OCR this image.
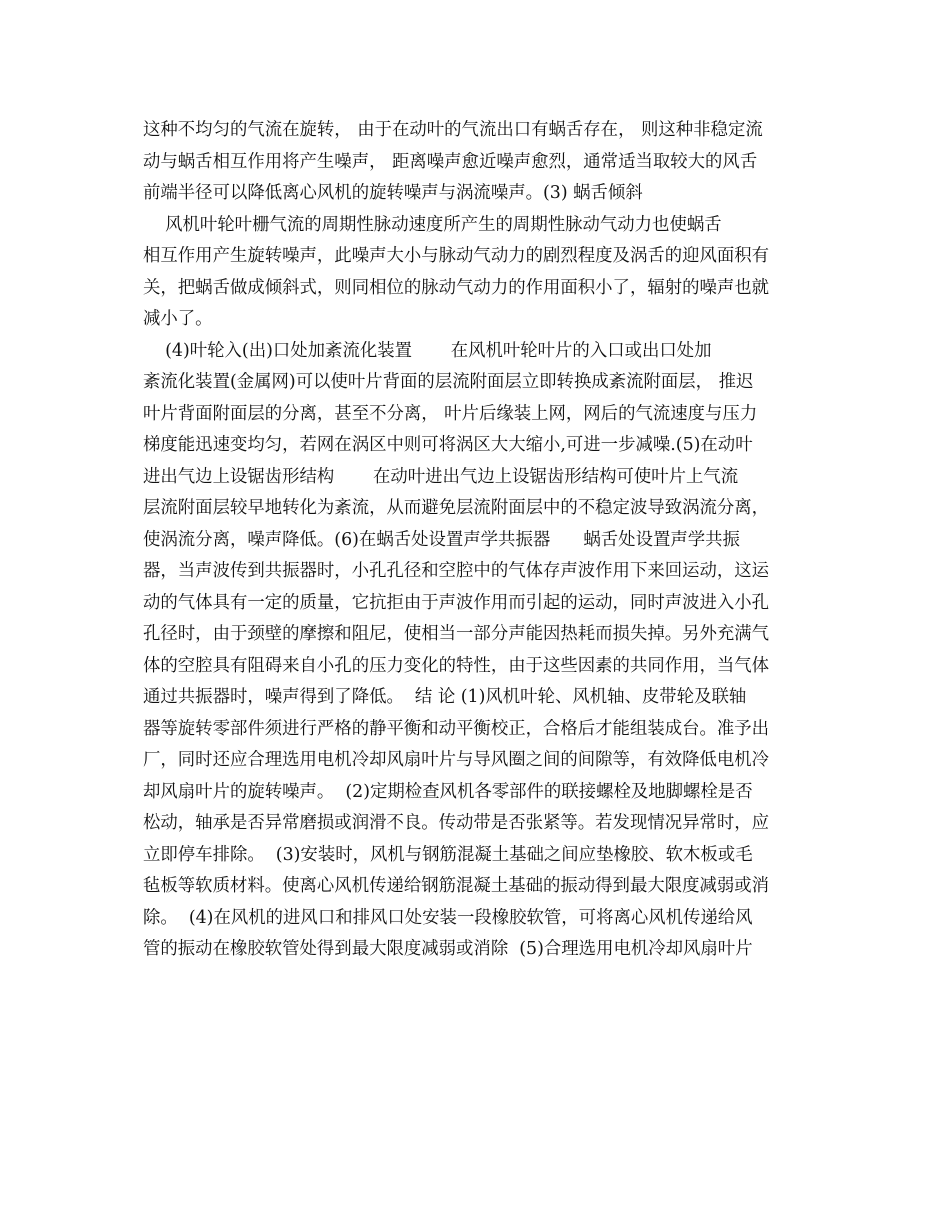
这种不均匀的气流在旋转， 由于在动叶的气流出口有蜗舌存在， 则这种非稳定流
动与蜗舌相互作用将产生噪声， 距离噪声愈近噪声愈烈，通常适当取较大的风舌
前端半径可以降低离心风机的旋转噪声与涡流噪声。(3) 蜗舌倾斜
风机叶轮叶栅气流的周期性脉动速度所产生的周期性脉动气动力也使蜗舌
相互作用产生旋转噪声，此噪声大小与脉动气动力的剧烈程度及涡舌的迎风面积有
关，把蜗舌做成倾斜式，则同相位的脉动气动力的作用面积小了，辐射的噪声也就
减小了。
(4)叶轮入(出)口处加紊流化装置       在风机叶轮叶片的入口或出口处加
紊流化装置(金属网)可以使叶片背面的层流附面层立即转换成紊流附面层， 推迟
叶片背面附面层的分离，甚至不分离， 叶片后缘装上网，网后的气流速度与压力
梯度能迅速变均匀，若网在涡区中则可将涡区大大缩小,可进一步减噪.(5)在动叶
进出气边上设锯齿形结构       在动叶进出气边上设锯齿形结构可使叶片上气流
层流附面层较早地转化为紊流，从而避免层流附面层中的不稳定波导致涡流分离，
使涡流分离，噪声降低。(6)在蜗舌处设置声学共振器      蜗舌处设置声学共振
器，当声波传到共振器时，小孔孔径和空腔中的气体存声波作用下来回运动，这运
动的气体具有一定的质量，它抗拒由于声波作用而引起的运动，同时声波进入小孔
孔径时，由于颈壁的摩擦和阻尼，使相当一部分声能因热耗而损失掉。另外充满气
体的空腔具有阻碍来自小孔的压力变化的特性，由于这些因素的共同作用，当气体
通过共振器时，噪声得到了降低。  结 论 (1)风机叶轮、风机轴、皮带轮及联轴
器等旋转零部件须进行严格的静平衡和动平衡校正，合格后才能组装成台。准予出
厂，同时还应合理选用电机冷却风扇叶片与导风圈之间的间隙等，有效降低电机冷
却风扇叶片的旋转噪声。  (2)定期检查风机各零部件的联接螺栓及地脚螺栓是否
松动，轴承是否异常磨损或润滑不良。传动带是否张紧等。若发现情况异常时，应
立即停车排除。  (3)安装时，风机与钢筋混凝土基础之间应垫橡胶、软木板或毛
毡板等软质材料。使离心风机传递给钢筋混凝土基础的振动得到最大限度减弱或消
除。  (4)在风机的进风口和排风口处安装一段橡胶软管，可将离心风机传递给风
管的振动在橡胶软管处得到最大限度减弱或消除  (5)合理选用电机冷却风扇叶片
